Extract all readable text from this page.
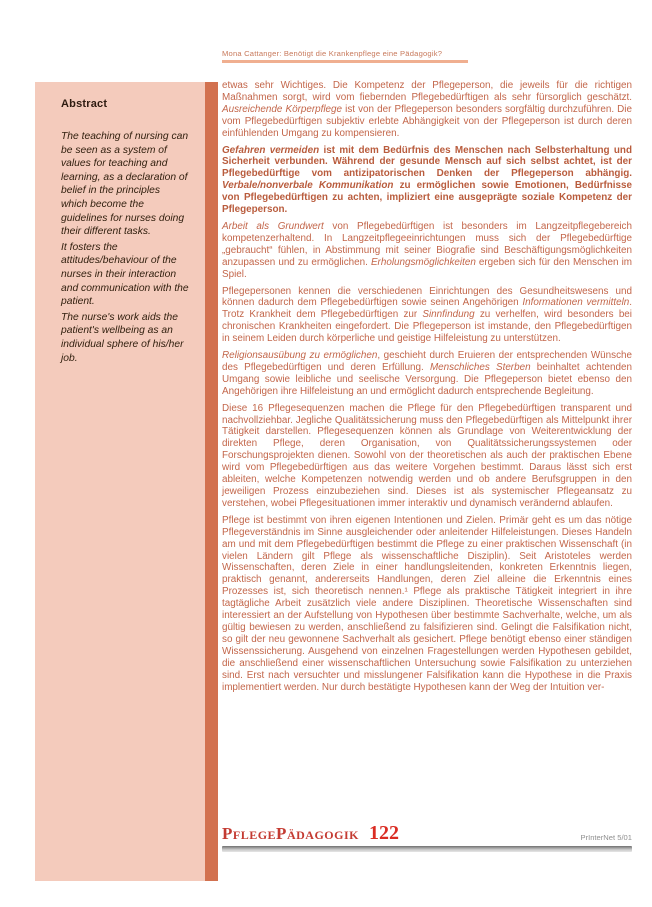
Abstract

The teaching of nursing can be seen as a system of values for teaching and learning, as a declaration of belief in the principles which become the guidelines for nurses doing their different tasks.

It fosters the attitudes/behaviour of the nurses in their interaction and communication with the patient.

The nurse's work aids the patient's wellbeing as an individual sphere of his/her job.

Mona Cattanger: Benötigt die Krankenpflege eine Pädagogik?

etwas sehr Wichtiges. Die Kompetenz der Pflegeperson, die jeweils für die richtigen Maßnahmen sorgt, wird vom fiebernden Pflegebedürftigen als sehr fürsorglich geschätzt. Ausreichende Körperpflege ist von der Pflegeperson besonders sorgfältig durchzuführen. Die vom Pflegebedürftigen subjektiv erlebte Abhängigkeit von der Pflegeperson ist durch deren einfühlenden Umgang zu kompensieren.

Gefahren vermeiden ist mit dem Bedürfnis des Menschen nach Selbsterhaltung und Sicherheit verbunden. Während der gesunde Mensch auf sich selbst achtet, ist der Pflegebedürftige vom antizipatorischen Denken der Pflegeperson abhängig. Verbale/nonverbale Kommunikation zu ermöglichen sowie Emotionen, Bedürfnisse von Pflegebedürftigen zu achten, impliziert eine ausgeprägte soziale Kompetenz der Pflegeperson.

Arbeit als Grundwert von Pflegebedürftigen ist besonders im Langzeitpflegebereich kompetenzerhaltend. In Langzeitpflegeeinrichtungen muss sich der Pflegebedürftige „gebraucht“ fühlen, in Abstimmung mit seiner Biografie sind Beschäftigungsmöglichkeiten anzupassen und zu ermöglichen. Erholungsmöglichkeiten ergeben sich für den Menschen im Spiel.

Pflegepersonen kennen die verschiedenen Einrichtungen des Gesundheitswesens und können dadurch dem Pflegebedürftigen sowie seinen Angehörigen Informationen vermitteln. Trotz Krankheit dem Pflegebedürftigen zur Sinnfindung zu verhelfen, wird besonders bei chronischen Krankheiten eingefordert. Die Pflegeperson ist imstande, den Pflegebedürftigen in seinem Leiden durch körperliche und geistige Hilfeleistung zu unterstützen.

Religionsausübung zu ermöglichen, geschieht durch Eruieren der entsprechenden Wünsche des Pflegebedürftigen und deren Erfüllung. Menschliches Sterben beinhaltet achtenden Umgang sowie leibliche und seelische Versorgung. Die Pflegeperson bietet ebenso den Angehörigen ihre Hilfeleistung an und ermöglicht dadurch entsprechende Begleitung.

Diese 16 Pflegesequenzen machen die Pflege für den Pflegebedürftigen transparent und nachvollziehbar. Jegliche Qualitätssicherung muss den Pflegebedürftigen als Mittelpunkt ihrer Tätigkeit darstellen. Pflegesequenzen können als Grundlage von Weiterentwicklung der direkten Pflege, deren Organisation, von Qualitätssicherungssystemen oder Forschungsprojekten dienen. Sowohl von der theoretischen als auch der praktischen Ebene wird vom Pflegebedürftigen aus das weitere Vorgehen bestimmt. Daraus lässt sich erst ableiten, welche Kompetenzen notwendig werden und ob andere Berufsgruppen in den jeweiligen Prozess einzubeziehen sind. Dieses ist als systemischer Pflegeansatz zu verstehen, wobei Pflegesituationen immer interaktiv und dynamisch verändernd ablaufen.

Pflege ist bestimmt von ihren eigenen Intentionen und Zielen. Primär geht es um das nötige Pflegeverständnis im Sinne ausgleichender oder anleitender Hilfeleistungen. Dieses Handeln am und mit dem Pflegebedürftigen bestimmt die Pflege zu einer praktischen Wissenschaft (in vielen Ländern gilt Pflege als wissenschaftliche Disziplin). Seit Aristoteles werden Wissenschaften, deren Ziele in einer handlungsleitenden, konkreten Erkenntnis liegen, praktisch genannt, andererseits Handlungen, deren Ziel alleine die Erkenntnis eines Prozesses ist, sich theoretisch nennen.¹ Pflege als praktische Tätigkeit integriert in ihre tagtägliche Arbeit zusätzlich viele andere Disziplinen. Theoretische Wissenschaften sind interessiert an der Aufstellung von Hypothesen über bestimmte Sachverhalte, welche, um als gültig bewiesen zu werden, anschließend zu falsifizieren sind. Gelingt die Falsifikation nicht, so gilt der neu gewonnene Sachverhalt als gesichert. Pflege benötigt ebenso einer ständigen Wissenssicherung. Ausgehend von einzelnen Fragestellungen werden Hypothesen gebildet, die anschließend einer wissenschaftlichen Untersuchung sowie Falsifikation zu unterziehen sind. Erst nach versuchter und misslungener Falsifikation kann die Hypothese in die Praxis implementiert werden. Nur durch bestätigte Hypothesen kann der Weg der Intuition ver-

PflegePädagogik 122	PrInterNet 5/01
